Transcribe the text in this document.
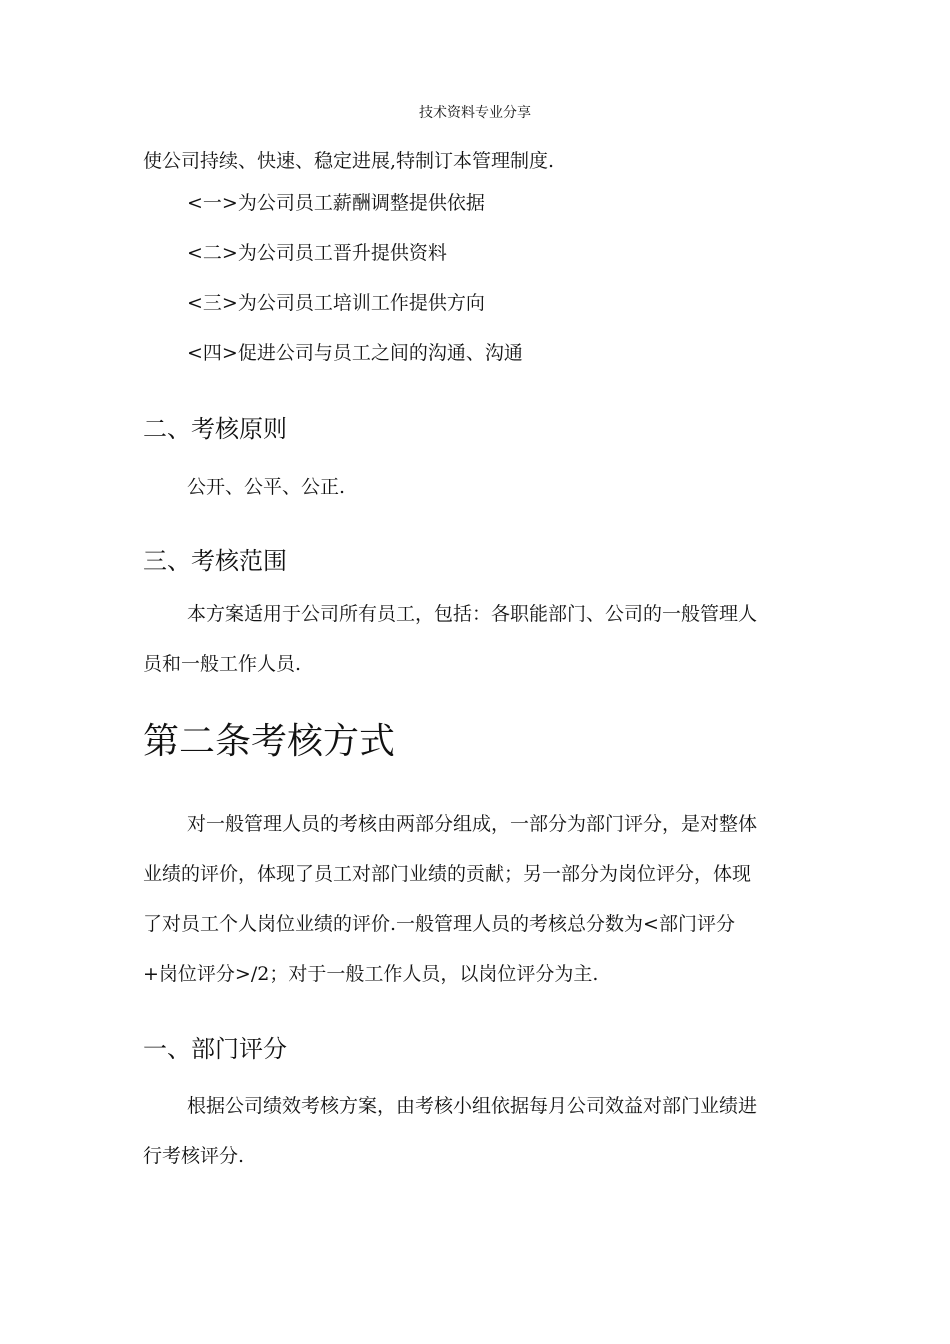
技术资料专业分享
使公司持续、快速、稳定进展,特制订本管理制度.
<一>为公司员工薪酬调整提供依据
<二>为公司员工晋升提供资料
<三>为公司员工培训工作提供方向
<四>促进公司与员工之间的沟通、沟通
二、考核原则
公开、公平、公正.
三、考核范围
本方案适用于公司所有员工，包括：各职能部门、公司的一般管理人
员和一般工作人员.
第二条考核方式
对一般管理人员的考核由两部分组成，一部分为部门评分，是对整体
业绩的评价，体现了员工对部门业绩的贡献；另一部分为岗位评分，体现
了对员工个人岗位业绩的评价.一般管理人员的考核总分数为<部门评分
+岗位评分>/2；对于一般工作人员，以岗位评分为主.
一、部门评分
根据公司绩效考核方案，由考核小组依据每月公司效益对部门业绩进
行考核评分.
